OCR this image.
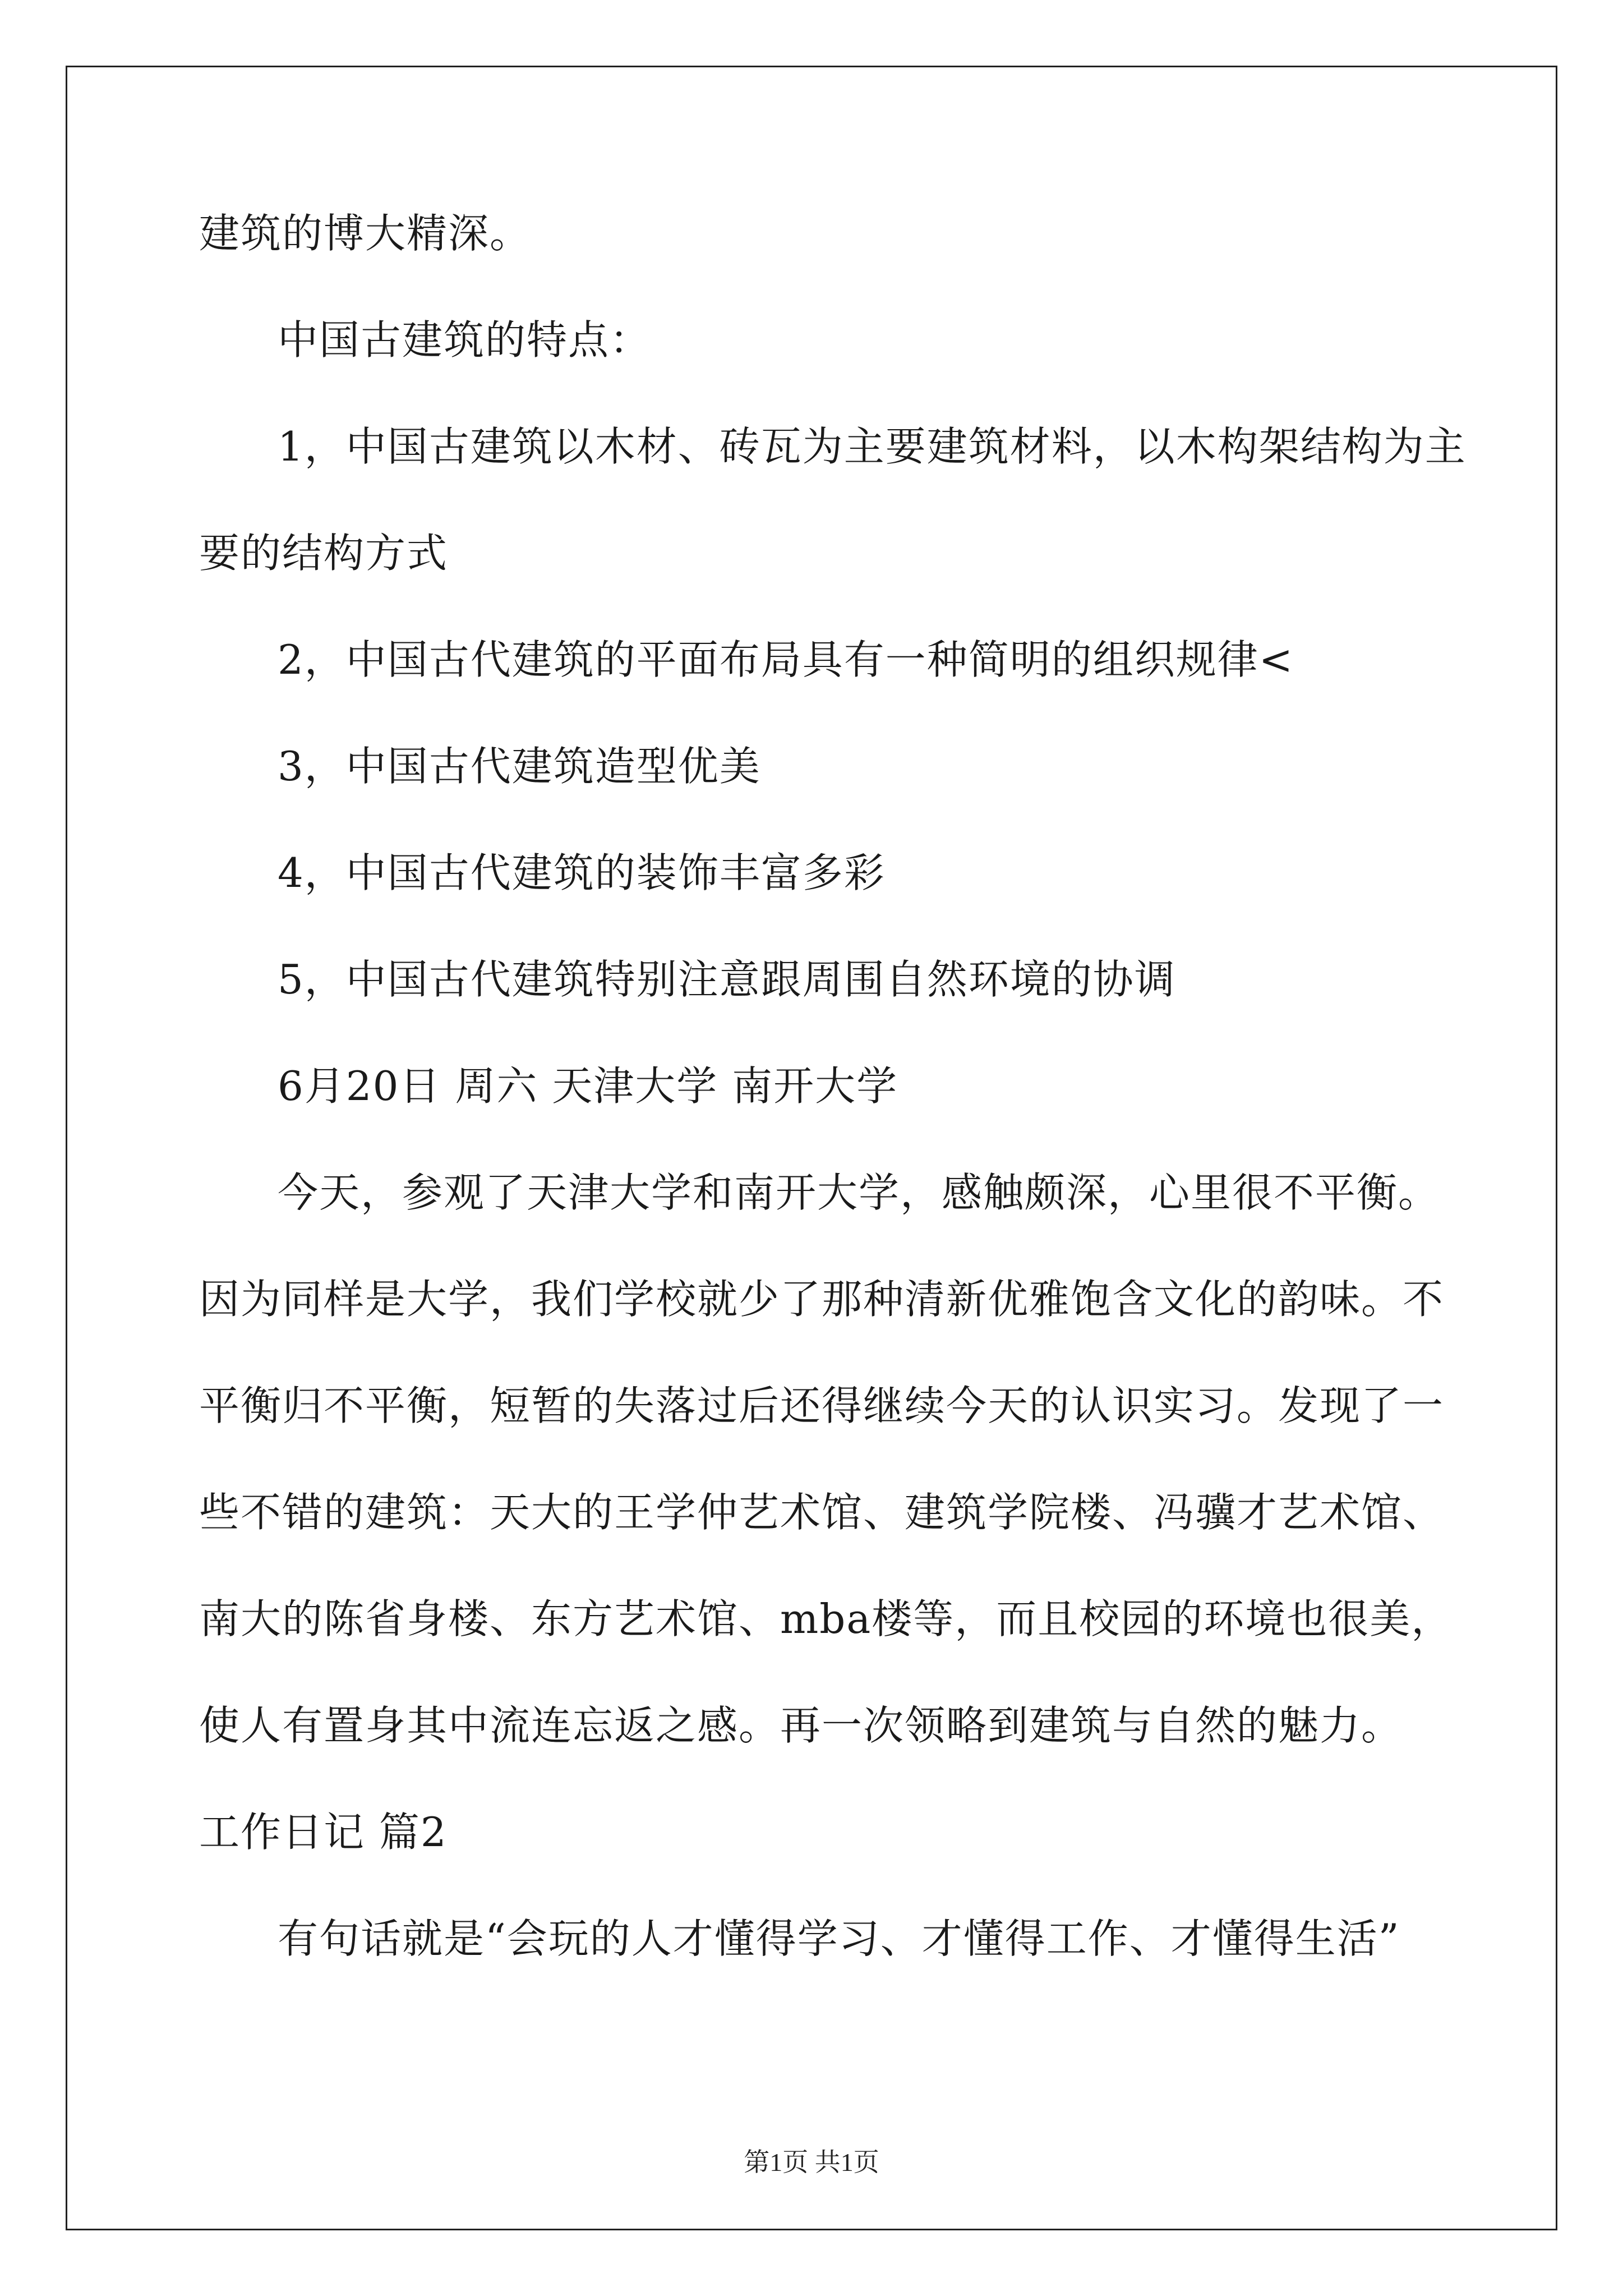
建筑的博大精深。
中国古建筑的特点：
1，中国古建筑以木材、砖瓦为主要建筑材料，以木构架结构为主
要的结构方式
2，中国古代建筑的平面布局具有一种简明的组织规律<
3，中国古代建筑造型优美
4，中国古代建筑的装饰丰富多彩
5，中国古代建筑特别注意跟周围自然环境的协调
6月20日 周六 天津大学 南开大学
今天，参观了天津大学和南开大学，感触颇深，心里很不平衡。
因为同样是大学，我们学校就少了那种清新优雅饱含文化的韵味。不
平衡归不平衡，短暂的失落过后还得继续今天的认识实习。发现了一
些不错的建筑：天大的王学仲艺术馆、建筑学院楼、冯骥才艺术馆、
南大的陈省身楼、东方艺术馆、mba楼等，而且校园的环境也很美，
使人有置身其中流连忘返之感。再一次领略到建筑与自然的魅力。
工作日记 篇2
有句话就是“会玩的人才懂得学习、才懂得工作、才懂得生活”
第1页 共1页
